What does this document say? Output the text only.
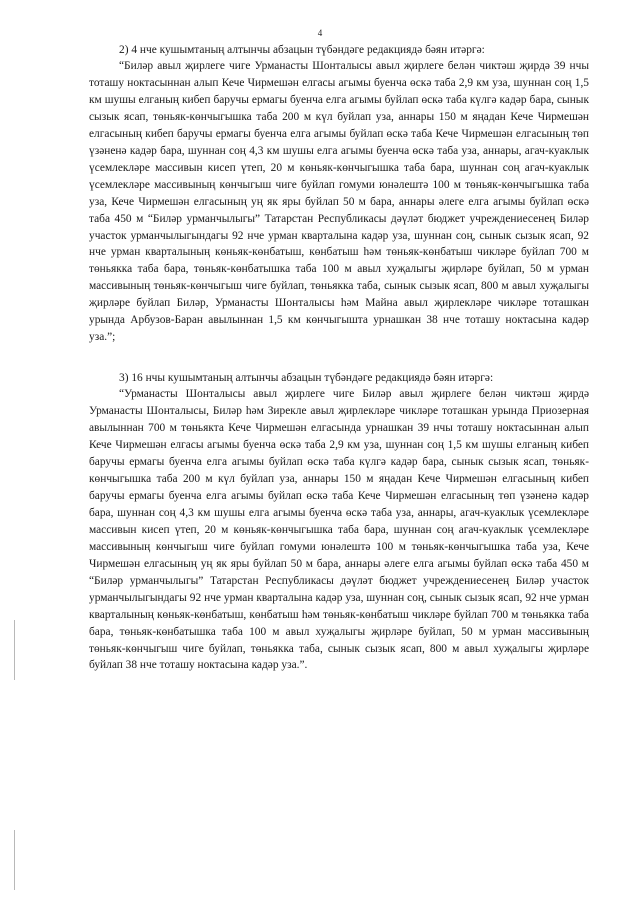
4

2) 4 нче кушымтаның алтынчы абзацын түбәндәге редакциядә бәян итәргә:

“Биләр авыл җирлеге чиге Урманасты Шонталысы авыл җирлеге белән чиктәш җирдә 39 нчы тоташу ноктасыннан алып Кече Чирмешән елгасы агымы буенча өскә таба 2,9 км уза, шуннан соң 1,5 км шушы елганың кибеп баручы ермагы буенча елга агымы буйлап өскә таба күлгә кадәр бара, сынык сызык ясап, төньяк-көнчыгышка таба 200 м күл буйлап уза, аннары 150 м яңадан Кече Чирмешән елгасының кибеп баручы ермагы буенча елга агымы буйлап өскә таба Кече Чирмешән елгасының төп үзәненә кадәр бара, шуннан соң 4,3 км шушы елга агымы буенча өскә таба уза, аннары, агач-куаклык үсемлекләре массивын кисеп үтеп, 20 м көньяк-көнчыгышка таба бара, шуннан соң агач-куаклык үсемлекләре массивының көнчыгыш чиге буйлап гомуми юнәлештә 100 м төньяк-көнчыгышка таба уза, Кече Чирмешән елгасының уң як яры буйлап 50 м бара, аннары әлеге елга агымы буйлап өскә таба 450 м “Биләр урманчылыгы” Татарстан Республикасы дәүләт бюджет учреждениесенең Биләр участок урманчылыгындагы 92 нче урман кварталына кадәр уза, шуннан соң, сынык сызык ясап, 92 нче урман кварталының көньяк-көнбатыш, көнбатыш һәм төньяк-көнбатыш чикләре буйлап 700 м төньякка таба бара, төньяк-көнбатышка таба 100 м авыл хуҗалыгы җирләре буйлап, 50 м урман массивының төньяк-көнчыгыш чиге буйлап, төньякка таба, сынык сызык ясап, 800 м авыл хуҗалыгы җирләре буйлап Биләр, Урманасты Шонталысы һәм Майна авыл җирлекләре чикләре тоташкан урында Арбузов-Баран авылыннан 1,5 км көнчыгышта урнашкан 38 нче тоташу ноктасына кадәр уза.”;

3) 16 нчы кушымтаның алтынчы абзацын түбәндәге редакциядә бәян итәргә:

“Урманасты Шонталысы авыл җирлеге чиге Биләр авыл җирлеге белән чиктәш җирдә Урманасты Шонталысы, Биләр һәм Зирекле авыл җирлекләре чикләре тоташкан урында Приозерная авылыннан 700 м төньякта Кече Чирмешән елгасында урнашкан 39 нчы тоташу ноктасыннан алып Кече Чирмешән елгасы агымы буенча өскә таба 2,9 км уза, шуннан соң 1,5 км шушы елганың кибеп баручы ермагы буенча елга агымы буйлап өскә таба күлгә кадәр бара, сынык сызык ясап, төньяк-көнчыгышка таба 200 м күл буйлап уза, аннары 150 м яңадан Кече Чирмешән елгасының кибеп баручы ермагы буенча елга агымы буйлап өскә таба Кече Чирмешән елгасының төп үзәненә кадәр бара, шуннан соң 4,3 км шушы елга агымы буенча өскә таба уза, аннары, агач-куаклык үсемлекләре массивын кисеп үтеп, 20 м көньяк-көнчыгышка таба бара, шуннан соң агач-куаклык үсемлекләре массивының көнчыгыш чиге буйлап гомуми юнәлештә 100 м төньяк-көнчыгышка таба уза, Кече Чирмешән елгасының уң як яры буйлап 50 м бара, аннары әлеге елга агымы буйлап өскә таба 450 м “Биләр урманчылыгы” Татарстан Республикасы дәүләт бюджет учреждениесенең Биләр участок урманчылыгындагы 92 нче урман кварталына кадәр уза, шуннан соң, сынык сызык ясап, 92 нче урман кварталының көньяк-көнбатыш, көнбатыш һәм төньяк-көнбатыш чикләре буйлап 700 м төньякка таба бара, төньяк-көнбатышка таба 100 м авыл хуҗалыгы җирләре буйлап, 50 м урман массивының төньяк-көнчыгыш чиге буйлап, төньякка таба, сынык сызык ясап, 800 м авыл хуҗалыгы җирләре буйлап 38 нче тоташу ноктасына кадәр уза.”.
